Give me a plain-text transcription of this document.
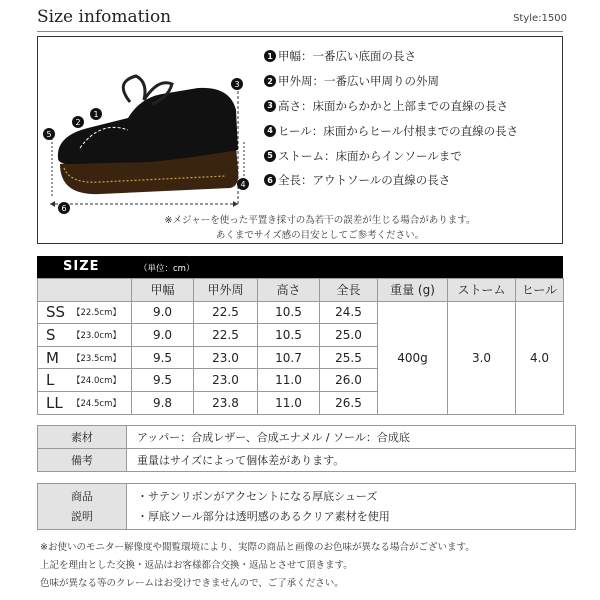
Size infomation	Style:1500
1
2
3
4
5
6
1 甲幅：一番広い底面の長さ
2 甲外周：一番広い甲周りの外周
3 高さ：床面からかかと上部までの直線の長さ
4 ヒール：床面からヒール付根までの直線の長さ
5 ストーム：床面からインソールまで
6 全長：アウトソールの直線の長さ
※メジャーを使った平置き採寸の為若干の誤差が生じる場合があります。
あくまでサイズ感の目安としてご参考ください。
SIZE	（単位：cm）
	甲幅	甲外周	高さ	全長	重量 (g)	ストーム	ヒール

SS 【22.5cm】	9.0	22.5	10.5	24.5	400g	3.0	4.0

S 【23.0cm】	9.0	22.5	10.5	25.0			

M 【23.5cm】	9.5	23.0	10.7	25.5			

L 【24.0cm】	9.5	23.0	11.0	26.0			

LL 【24.5cm】	9.8	23.8	11.0	26.5			
素材	アッパー：合成レザー、合成エナメル / ソール：合成底
備考	重量はサイズによって個体差があります。
商品
説明

・サテンリボンがアクセントになる厚底シューズ
・厚底ソール部分は透明感のあるクリア素材を使用
※お使いのモニター解像度や閲覧環境により、実際の商品と画像のお色味が異なる場合がございます。
上記を理由とした交換・返品はお客様都合交換・返品とさせて頂きます。
色味が異なる等のクレームはお受けできませんので、ご了承ください。
